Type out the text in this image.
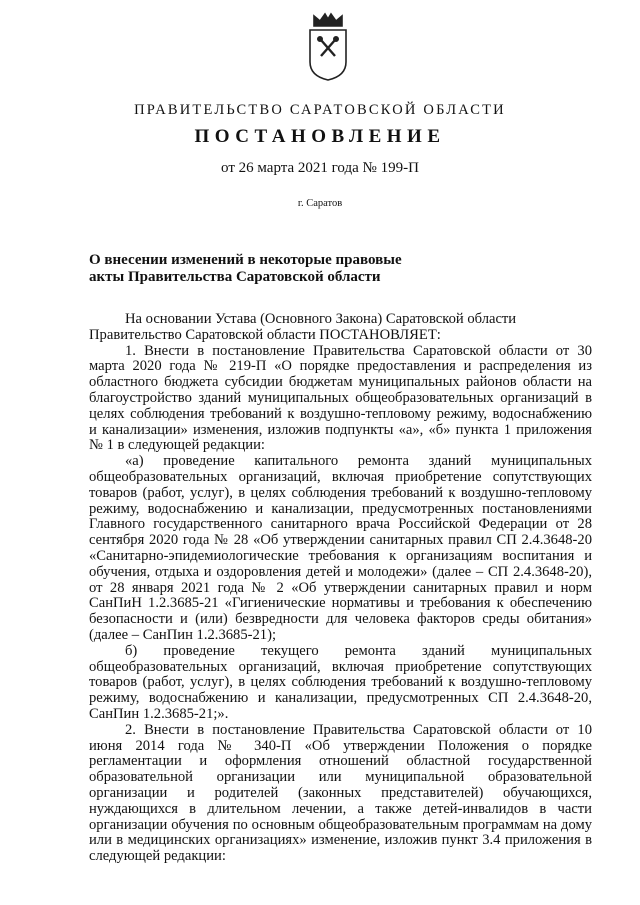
ПРАВИТЕЛЬСТВО САРАТОВСКОЙ ОБЛАСТИ
ПОСТАНОВЛЕНИЕ
от 26 марта 2021 года № 199-П
г. Саратов
О внесении изменений в некоторые правовые
акты Правительства Саратовской области

На основании Устава (Основного Закона) Саратовской области

Правительство Саратовской области ПОСТАНОВЛЯЕТ:

1. Внести в постановление Правительства Саратовской области от 30 марта 2020 года № 219-П «О порядке предоставления и распределения из областного бюджета субсидии бюджетам муниципальных районов области на благоустройство зданий муниципальных общеобразовательных организаций в целях соблюдения требований к воздушно-тепловому режиму, водоснабжению и канализации» изменения, изложив подпункты «а», «б» пункта 1 приложения № 1 в следующей редакции:

«а) проведение капитального ремонта зданий муниципальных общеобразовательных организаций, включая приобретение сопутствующих товаров (работ, услуг), в целях соблюдения требований к воздушно-тепловому режиму, водоснабжению и канализации, предусмотренных постановлениями Главного государственного санитарного врача Российской Федерации от 28 сентября 2020 года № 28 «Об утверждении санитарных правил СП 2.4.3648-20 «Санитарно-эпидемиологические требования к организациям воспитания и обучения, отдыха и оздоровления детей и молодежи» (далее – СП 2.4.3648-20), от 28 января 2021 года № 2 «Об утверждении санитарных правил и норм СанПиН 1.2.3685-21 «Гигиенические нормативы и требования к обеспечению безопасности и (или) безвредности для человека факторов среды обитания» (далее – СанПин 1.2.3685-21);

б) проведение текущего ремонта зданий муниципальных общеобразовательных организаций, включая приобретение сопутствующих товаров (работ, услуг), в целях соблюдения требований к воздушно-тепловому режиму, водоснабжению и канализации, предусмотренных СП 2.4.3648-20, СанПин 1.2.3685-21;».

2. Внести в постановление Правительства Саратовской области от 10 июня 2014 года № 340-П «Об утверждении Положения о порядке регламентации и оформления отношений областной государственной образовательной организации или муниципальной образовательной организации и родителей (законных представителей) обучающихся, нуждающихся в длительном лечении, а также детей-инвалидов в части организации обучения по основным общеобразовательным программам на дому или в медицинских организациях» изменение, изложив пункт 3.4 приложения в следующей редакции:
